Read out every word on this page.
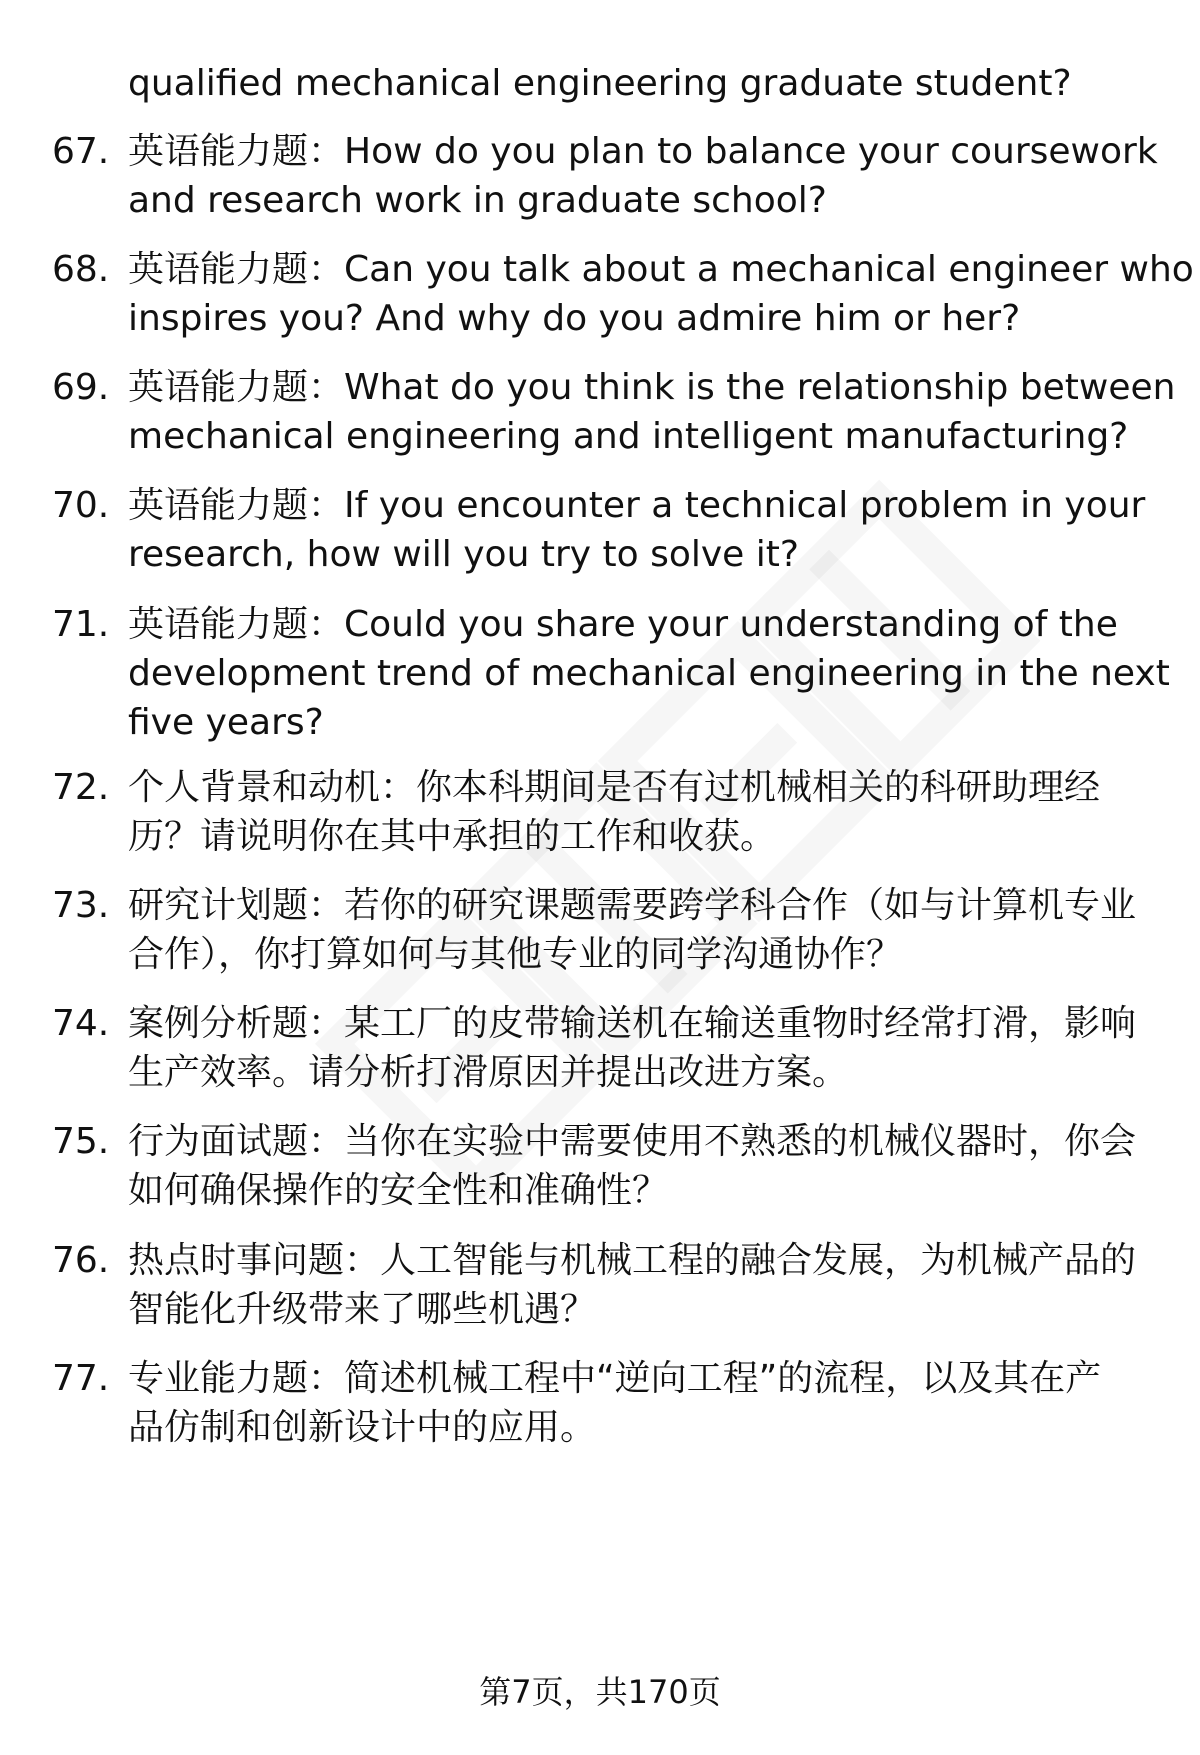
qualified mechanical engineering graduate student?
67. 英语能力题：How do you plan to balance your coursework
and research work in graduate school?
68. 英语能力题：Can you talk about a mechanical engineer who
inspires you? And why do you admire him or her?
69. 英语能力题：What do you think is the relationship between
mechanical engineering and intelligent manufacturing?
70. 英语能力题：If you encounter a technical problem in your
research, how will you try to solve it?
71. 英语能力题：Could you share your understanding of the
development trend of mechanical engineering in the next
five years?
72. 个人背景和动机：你本科期间是否有过机械相关的科研助理经
历？请说明你在其中承担的工作和收获。
73. 研究计划题：若你的研究课题需要跨学科合作（如与计算机专业
合作），你打算如何与其他专业的同学沟通协作？
74. 案例分析题：某工厂的皮带输送机在输送重物时经常打滑，影响
生产效率。请分析打滑原因并提出改进方案。
75. 行为面试题：当你在实验中需要使用不熟悉的机械仪器时，你会
如何确保操作的安全性和准确性？
76. 热点时事问题：人工智能与机械工程的融合发展，为机械产品的
智能化升级带来了哪些机遇？
77. 专业能力题：简述机械工程中“逆向工程”的流程，以及其在产
品仿制和创新设计中的应用。
第7页，共170页
